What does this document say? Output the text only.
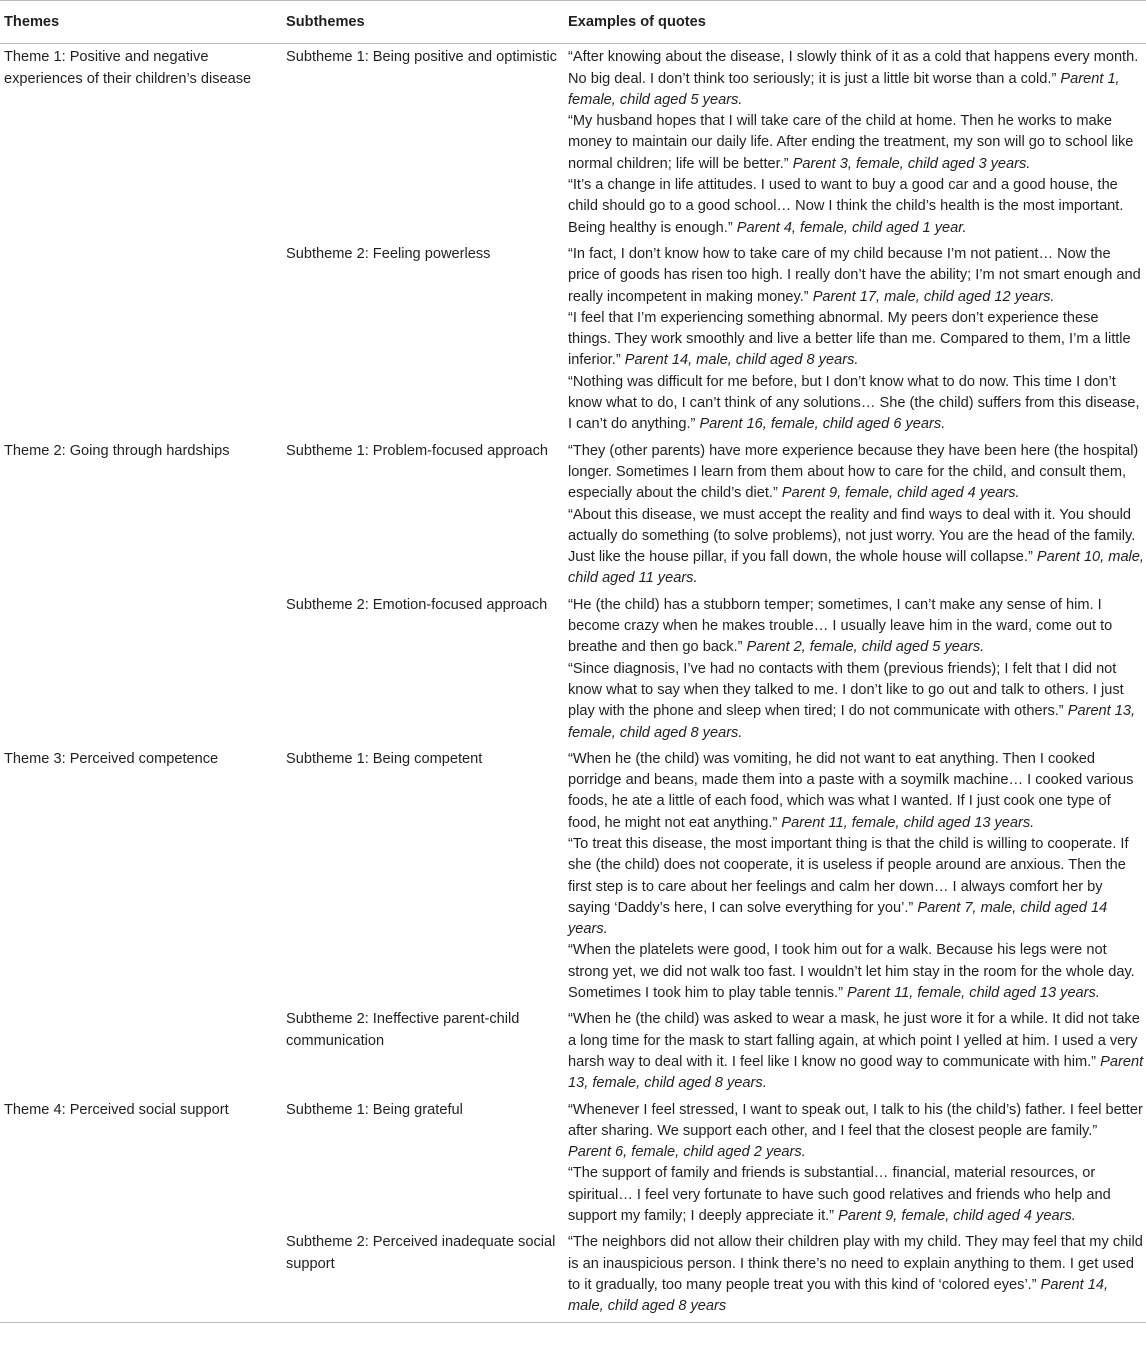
Themes	Subthemes	Examples of quotes
Theme 1: Positive and negative experiences of their children’s disease	Subtheme 1: Being positive and optimistic	“After knowing about the disease, I slowly think of it as a cold that happens every month. No big deal. I don’t think too seriously; it is just a little bit worse than a cold.” Parent 1, female, child aged 5 years.
“My husband hopes that I will take care of the child at home. Then he works to make money to maintain our daily life. After ending the treatment, my son will go to school like normal children; life will be better.” Parent 3, female, child aged 3 years.
“It’s a change in life attitudes. I used to want to buy a good car and a good house, the child should go to a good school… Now I think the child’s health is the most important. Being healthy is enough.” Parent 4, female, child aged 1 year.

	Subtheme 2: Feeling powerless	“In fact, I don’t know how to take care of my child because I’m not patient… Now the price of goods has risen too high. I really don’t have the ability; I’m not smart enough and really incompetent in making money.” Parent 17, male, child aged 12 years.
“I feel that I’m experiencing something abnormal. My peers don’t experience these things. They work smoothly and live a better life than me. Compared to them, I’m a little inferior.” Parent 14, male, child aged 8 years.
“Nothing was difficult for me before, but I don’t know what to do now. This time I don’t know what to do, I can’t think of any solutions… She (the child) suffers from this disease, I can’t do anything.” Parent 16, female, child aged 6 years.

Theme 2: Going through hardships	Subtheme 1: Problem-focused approach	“They (other parents) have more experience because they have been here (the hospital) longer. Sometimes I learn from them about how to care for the child, and consult them, especially about the child’s diet.” Parent 9, female, child aged 4 years.
“About this disease, we must accept the reality and find ways to deal with it. You should actually do something (to solve problems), not just worry. You are the head of the family. Just like the house pillar, if you fall down, the whole house will collapse.” Parent 10, male, child aged 11 years.

	Subtheme 2: Emotion-focused approach	“He (the child) has a stubborn temper; sometimes, I can’t make any sense of him. I become crazy when he makes trouble… I usually leave him in the ward, come out to breathe and then go back.” Parent 2, female, child aged 5 years.
“Since diagnosis, I’ve had no contacts with them (previous friends); I felt that I did not know what to say when they talked to me. I don’t like to go out and talk to others. I just play with the phone and sleep when tired; I do not communicate with others.” Parent 13, female, child aged 8 years.

Theme 3: Perceived competence	Subtheme 1: Being competent	“When he (the child) was vomiting, he did not want to eat anything. Then I cooked porridge and beans, made them into a paste with a soymilk machine… I cooked various foods, he ate a little of each food, which was what I wanted. If I just cook one type of food, he might not eat anything.” Parent 11, female, child aged 13 years.
“To treat this disease, the most important thing is that the child is willing to cooperate. If she (the child) does not cooperate, it is useless if people around are anxious. Then the first step is to care about her feelings and calm her down… I always comfort her by saying ‘Daddy’s here, I can solve everything for you’.” Parent 7, male, child aged 14 years.
“When the platelets were good, I took him out for a walk. Because his legs were not strong yet, we did not walk too fast. I wouldn’t let him stay in the room for the whole day. Sometimes I took him to play table tennis.” Parent 11, female, child aged 13 years.

	Subtheme 2: Ineffective parent-child communication	“When he (the child) was asked to wear a mask, he just wore it for a while. It did not take a long time for the mask to start falling again, at which point I yelled at him. I used a very harsh way to deal with it. I feel like I know no good way to communicate with him.” Parent 13, female, child aged 8 years.

Theme 4: Perceived social support	Subtheme 1: Being grateful	“Whenever I feel stressed, I want to speak out, I talk to his (the child’s) father. I feel better after sharing. We support each other, and I feel that the closest people are family.” Parent 6, female, child aged 2 years.
“The support of family and friends is substantial… financial, material resources, or spiritual… I feel very fortunate to have such good relatives and friends who help and support my family; I deeply appreciate it.” Parent 9, female, child aged 4 years.

	Subtheme 2: Perceived inadequate social support	“The neighbors did not allow their children play with my child. They may feel that my child is an inauspicious person. I think there’s no need to explain anything to them. I get used to it gradually, too many people treat you with this kind of ‘colored eyes’.” Parent 14, male, child aged 8 years
